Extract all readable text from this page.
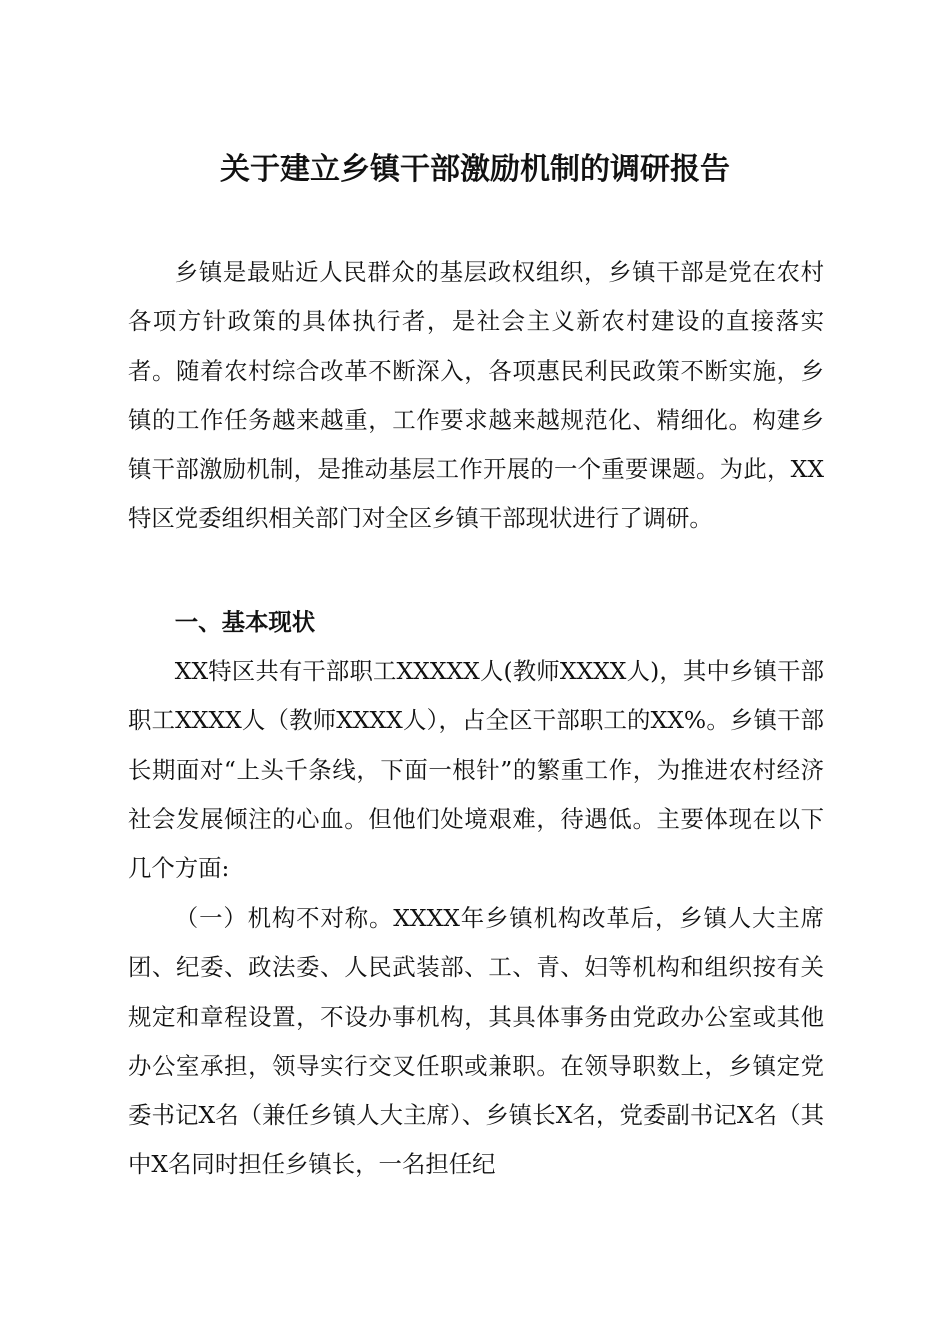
关于建立乡镇干部激励机制的调研报告

乡镇是最贴近人民群众的基层政权组织，乡镇干部是党在农村各项方针政策的具体执行者，是社会主义新农村建设的直接落实者。随着农村综合改革不断深入，各项惠民利民政策不断实施，乡镇的工作任务越来越重，工作要求越来越规范化、精细化。构建乡镇干部激励机制，是推动基层工作开展的一个重要课题。为此，XX特区党委组织相关部门对全区乡镇干部现状进行了调研。

一、基本现状

XX特区共有干部职工XXXXX人(教师XXXX人)，其中乡镇干部职工XXXX人（教师XXXX人），占全区干部职工的XX%。乡镇干部长期面对“上头千条线，下面一根针”的繁重工作，为推进农村经济社会发展倾注的心血。但他们处境艰难，待遇低。主要体现在以下几个方面:

（一）机构不对称。XXXX年乡镇机构改革后，乡镇人大主席团、纪委、政法委、人民武装部、工、青、妇等机构和组织按有关规定和章程设置，不设办事机构，其具体事务由党政办公室或其他办公室承担，领导实行交叉任职或兼职。在领导职数上，乡镇定党委书记X名（兼任乡镇人大主席）、乡镇长X名，党委副书记X名（其中X名同时担任乡镇长，一名担任纪
